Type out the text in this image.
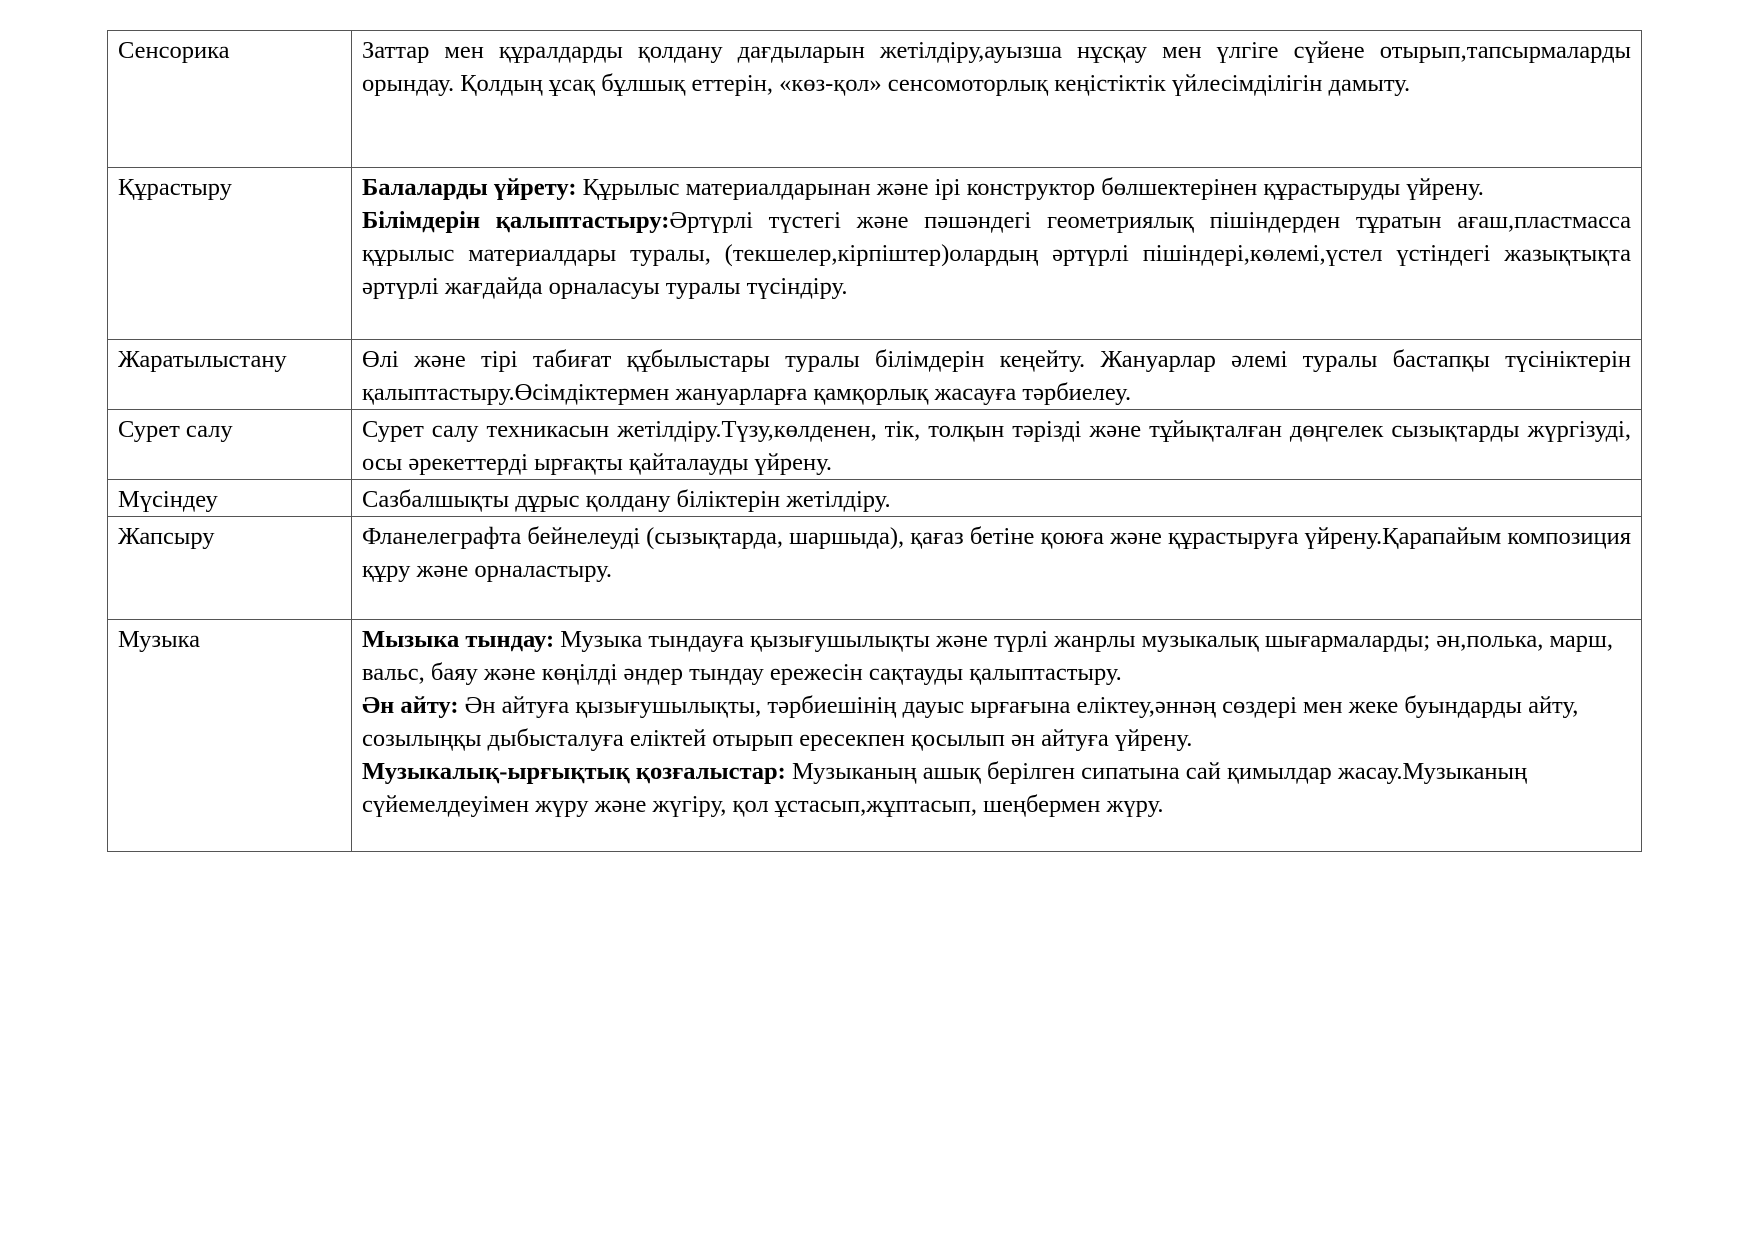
Сенсорика	Заттар мен құралдарды қолдану дағдыларын жетілдіру,ауызша нұсқау мен үлгіге сүйене отырып,тапсырмаларды орындау. Қолдың ұсақ бұлшық еттерін, «көз-қол» сенсомоторлық кеңістіктік үйлесімділігін дамыту.

Құрастыру	Балаларды үйрету: Құрылыс материалдарынан және ірі конструктор бөлшектерінен құрастыруды үйрену.
Білімдерін қалыптастыру:Әртүрлі түстегі және пәшәндегі геометриялық пішіндерден тұратын ағаш,пластмасса құрылыс материалдары туралы, (текшелер,кірпіштер)олардың әртүрлі пішіндері,көлемі,үстел үстіндегі жазықтықта әртүрлі жағдайда орналасуы туралы түсіндіру.

Жаратылыстану	Өлі және тірі табиғат құбылыстары туралы білімдерін кеңейту. Жануарлар әлемі туралы бастапқы түсініктерін қалыптастыру.Өсімдіктермен жануарларға қамқорлық жасауға тәрбиелеу.

Сурет салу	Сурет салу техникасын жетілдіру.Түзу,көлденен, тік, толқын тәрізді және тұйықталған дөңгелек сызықтарды жүргізуді, осы әрекеттерді ырғақты қайталауды үйрену.

Мүсіндеу	Сазбалшықты дұрыс қолдану біліктерін жетілдіру.

Жапсыру	Фланелеграфта бейнелеуді (сызықтарда, шаршыда), қағаз бетіне қоюға және құрастыруға үйрену.Қарапайым композиция құру және орналастыру.

Музыка	Мызыка тындау: Музыка тындауға қызығушылықты және түрлі жанрлы музыкалық шығармаларды; ән,полька, марш, вальс, баяу және көңілді әндер тындау ережесін сақтауды қалыптастыру.
Ән айту: Ән айтуға қызығушылықты, тәрбиешінің дауыс ырғағына еліктеу,әннәң сөздері мен жеке буындарды айту, созылыңқы дыбысталуға еліктей отырып ересекпен қосылып ән айтуға үйрену.
Музыкалық-ырғықтық қозғалыстар: Музыканың ашық берілген сипатына сай қимылдар жасау.Музыканың сүйемелдеуімен жүру және жүгіру, қол ұстасып,жұптасып, шеңбермен жүру.
